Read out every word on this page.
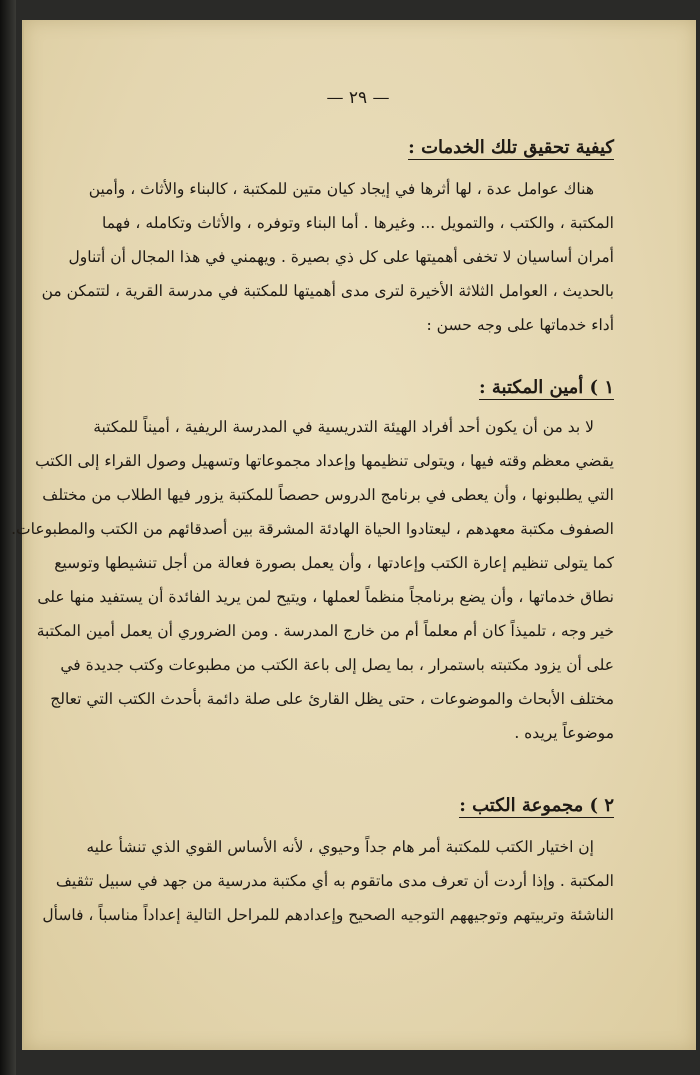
— ٢٩ —
كيفية تحقيق تلك الخدمات :
هناك عوامل عدة ، لها أثرها في إيجاد كيان متين للمكتبة ، كالبناء والأثاث ، وأمين
المكتبة ، والكتب ، والتمويل ... وغيرها . أما البناء وتوفره ، والأثاث وتكامله ، فهما
أمران أساسيان لا تخفى أهميتها على كل ذي بصيرة . ويهمني في هذا المجال أن أتناول
بالحديث ، العوامل الثلاثة الأخيرة لترى مدى أهميتها للمكتبة في مدرسة القرية ، لتتمكن من
أداء خدماتها على وجه حسن :
١ ) أمين المكتبة :
لا بد من أن يكون أحد أفراد الهيئة التدريسية في المدرسة الريفية ، أميناً للمكتبة
يقضي معظم وقته فيها ، ويتولى تنظيمها وإعداد مجموعاتها وتسهيل وصول القراء إلى الكتب
التي يطلبونها ، وأن يعطى في برنامج الدروس حصصاً للمكتبة يزور فيها الطلاب من مختلف
الصفوف مكتبة معهدهم ، ليعتادوا الحياة الهادئة المشرقة بين أصدقائهم من الكتب والمطبوعات.
كما يتولى تنظيم إعارة الكتب وإعادتها ، وأن يعمل بصورة فعالة من أجل تنشيطها وتوسيع
نطاق خدماتها ، وأن يضع برنامجاً منظماً لعملها ، ويتيح لمن يريد الفائدة أن يستفيد منها على
خير وجه ، تلميذاً كان أم معلماً أم من خارج المدرسة . ومن الضروري أن يعمل أمين المكتبة
على أن يزود مكتبته باستمرار ، بما يصل إلى باعة الكتب من مطبوعات وكتب جديدة في
مختلف الأبحاث والموضوعات ، حتى يظل القارئ على صلة دائمة بأحدث الكتب التي تعالج
موضوعاً يريده .
٢ ) مجموعة الكتب :
إن اختيار الكتب للمكتبة أمر هام جداً وحيوي ، لأنه الأساس القوي الذي تنشأ عليه
المكتبة . وإذا أردت أن تعرف مدى ماتقوم به أي مكتبة مدرسية من جهد في سبيل تثقيف
الناشئة وتربيتهم وتوجيههم التوجيه الصحيح وإعدادهم للمراحل التالية إعداداً مناسباً ، فاسأل
